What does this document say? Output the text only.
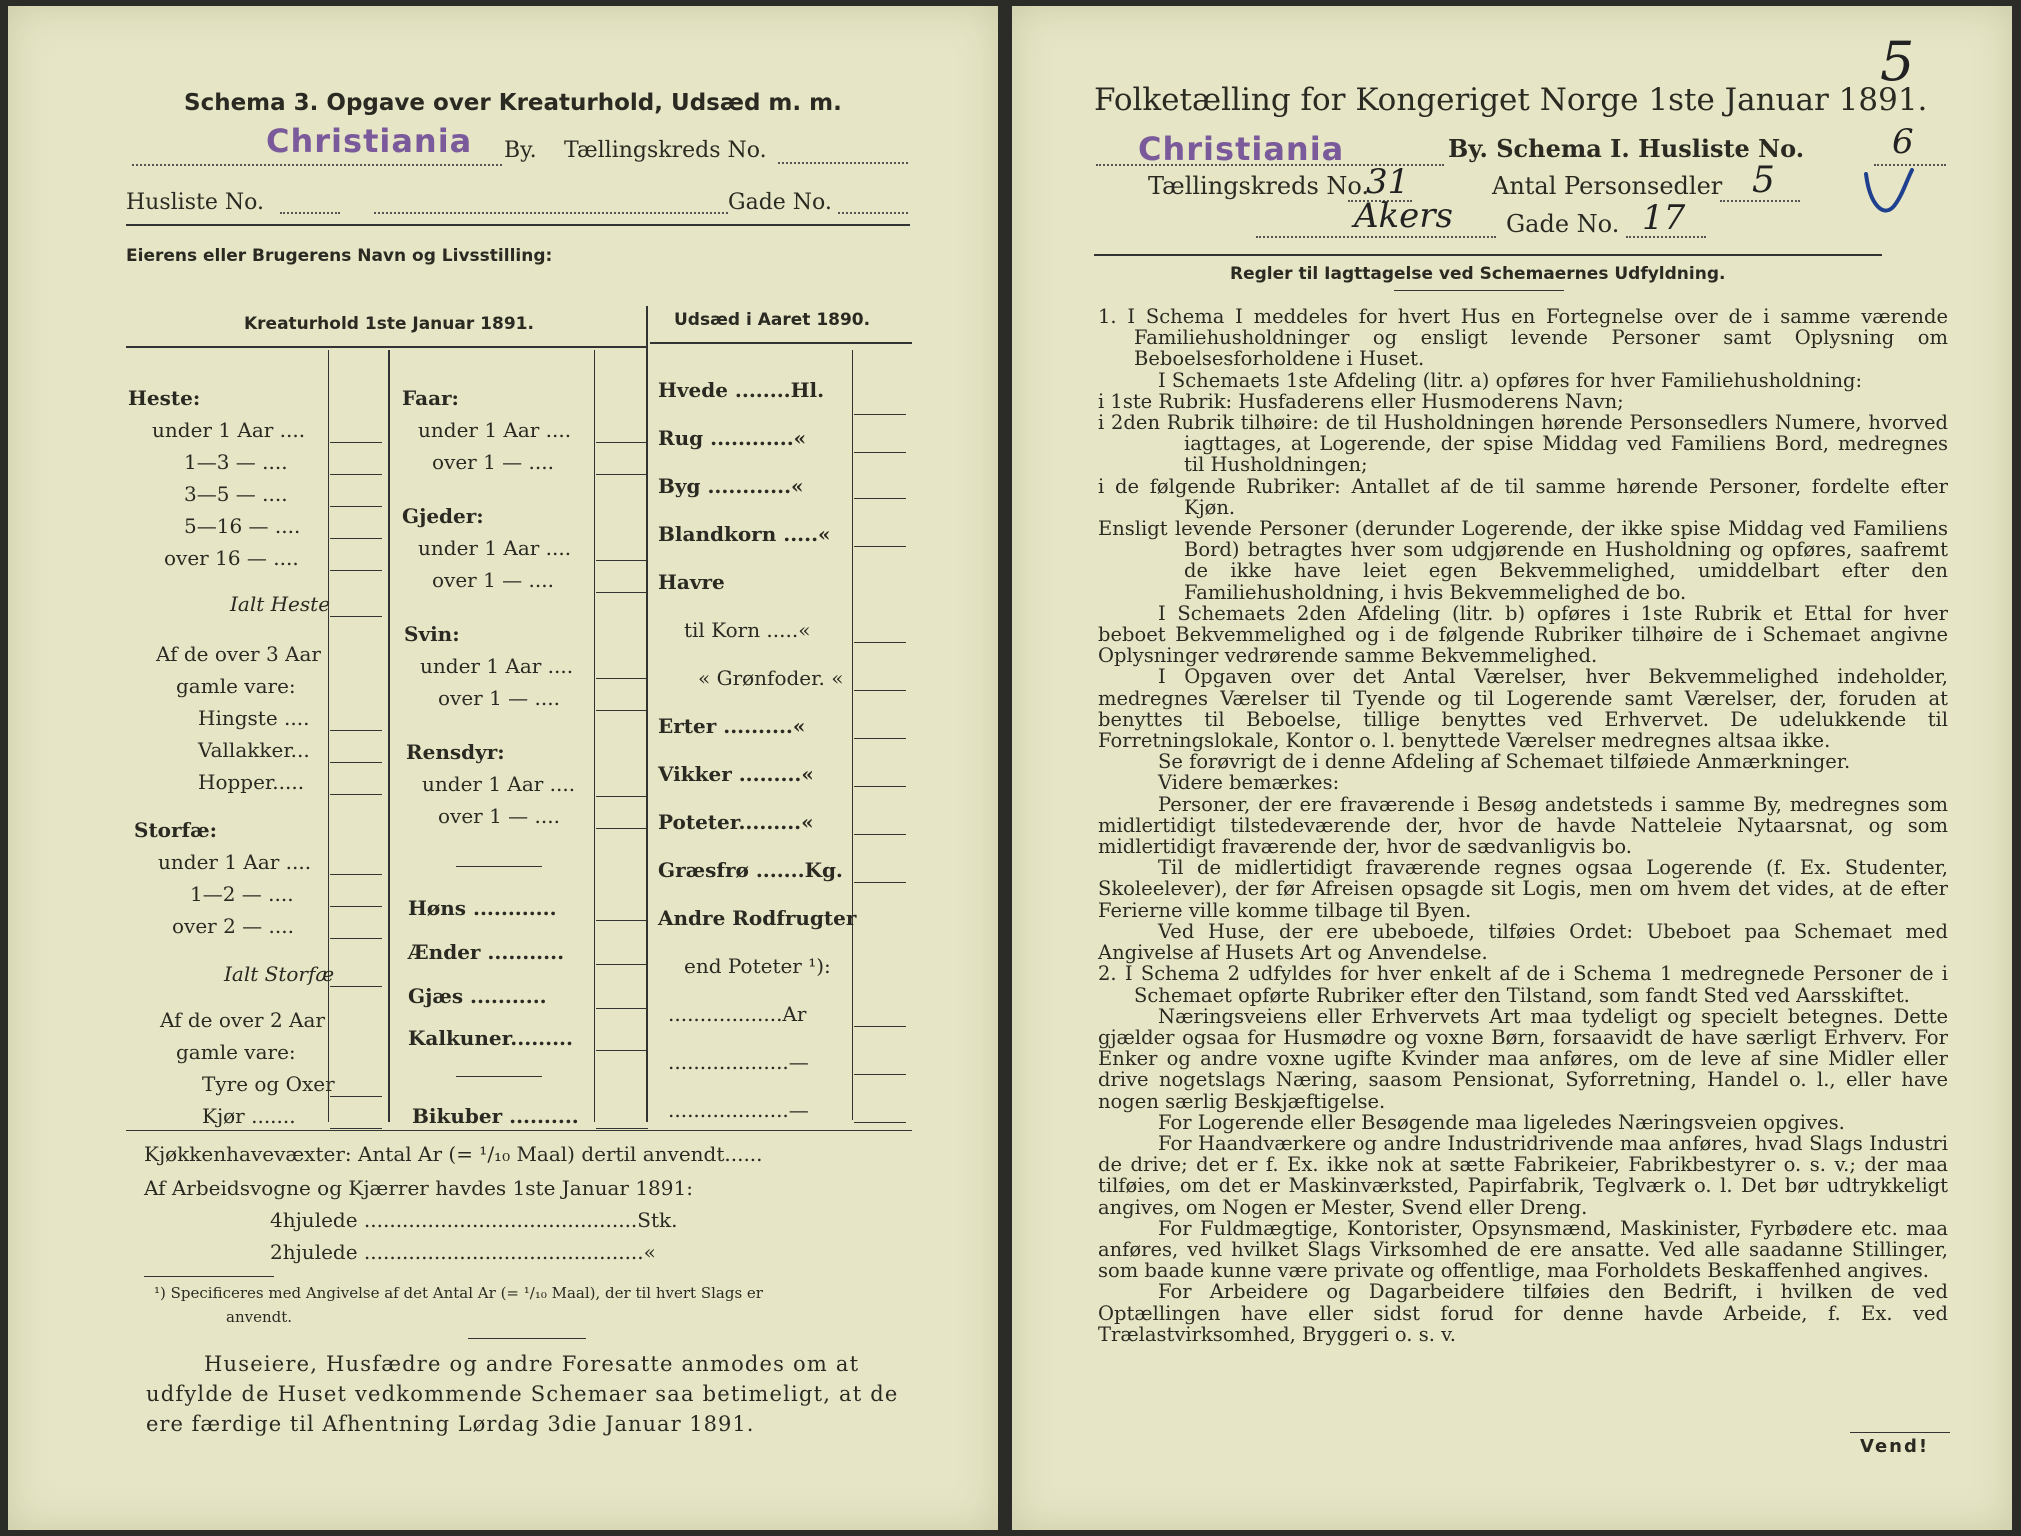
Schema 3. Opgave over Kreaturhold, Udsæd m. m.
Christiania By. Tællingskreds No.
Husliste No.	Gade No.
Eierens eller Brugerens Navn og Livsstilling:
Kreaturhold 1ste Januar 1891.	Udsæd i Aaret 1890.
Heste:
under 1 Aar ....
1—3 — ....
3—5 — ....
5—16 — ....
over 16 — ....
Ialt Heste
Af de over 3 Aar
gamle vare:
Hingste ....
Vallakker...
Hopper.....
Storfæ:
under 1 Aar ....
1—2 — ....
over 2 — ....
Ialt Storfæ
Af de over 2 Aar
gamle vare:
Tyre og Oxer
Kjør .......
Faar:
under 1 Aar ....
over 1 — ....
Gjeder:
under 1 Aar ....
over 1 — ....
Svin:
under 1 Aar ....
over 1 — ....
Rensdyr:
under 1 Aar ....
over 1 — ....
Høns ............
Ænder ...........
Gjæs ...........
Kalkuner.........
Bikuber ..........
Hvede ........Hl.
Rug ............«
Byg ............«
Blandkorn .....«
Havre
til Korn .....«
« Grønfoder. «
Erter ..........«
Vikker .........«
Poteter.........«
Græsfrø .......Kg.
Andre Rodfrugter
end Poteter ¹):
..................Ar
...................—
...................—
Kjøkkenhavevæxter: Antal Ar (= ¹/₁₀ Maal) dertil anvendt......
Af Arbeidsvogne og Kjærrer havdes 1ste Januar 1891:
4hjulede ...........................................Stk.
2hjulede ............................................«
¹) Specificeres med Angivelse af det Antal Ar (= ¹/₁₀ Maal), der til hvert Slags er
anvendt.
Huseiere, Husfædre og andre Foresatte anmodes om at
udfylde de Huset vedkommende Schemaer saa betimeligt, at de
ere færdige til Afhentning Lørdag 3die Januar 1891.
5
Folketælling for Kongeriget Norge 1ste Januar 1891.
Christiania	By. Schema I. Husliste No.	6
Tællingskreds No.
31	Antal Personsedler 5
Akers Gade No. 17
Regler til Iagttagelse ved Schemaernes Udfyldning.

1. I Schema I meddeles for hvert Hus en Fortegnelse over de i samme værende Familiehusholdninger og ensligt levende Personer samt Oplysning om Beboelsesforholdene i Huset.

I Schemaets 1ste Afdeling (litr. a) opføres for hver Familiehusholdning:

i 1ste Rubrik: Husfaderens eller Husmoderens Navn;

i 2den Rubrik tilhøire: de til Husholdningen hørende Personsedlers Numere, hvorved iagttages, at Logerende, der spise Middag ved Familiens Bord, medregnes til Husholdningen;

i de følgende Rubriker: Antallet af de til samme hørende Personer, fordelte efter Kjøn.

Ensligt levende Personer (derunder Logerende, der ikke spise Middag ved Familiens Bord) betragtes hver som udgjørende en Husholdning og opføres, saafremt de ikke have leiet egen Bekvemmelighed, umiddelbart efter den Familiehusholdning, i hvis Bekvemmelighed de bo.

I Schemaets 2den Afdeling (litr. b) opføres i 1ste Rubrik et Ettal for hver beboet Bekvemmelighed og i de følgende Rubriker tilhøire de i Schemaet angivne Oplysninger vedrørende samme Bekvemmelighed.

I Opgaven over det Antal Værelser, hver Bekvemmelighed indeholder, medregnes Værelser til Tyende og til Logerende samt Værelser, der, foruden at benyttes til Beboelse, tillige benyttes ved Erhvervet. De udelukkende til Forretningslokale, Kontor o. l. benyttede Værelser medregnes altsaa ikke.

Se forøvrigt de i denne Afdeling af Schemaet tilføiede Anmærkninger.

Videre bemærkes:

Personer, der ere fraværende i Besøg andetsteds i samme By, medregnes som midlertidigt tilstedeværende der, hvor de havde Natteleie Nytaarsnat, og som midlertidigt fraværende der, hvor de sædvanligvis bo.

Til de midlertidigt fraværende regnes ogsaa Logerende (f. Ex. Studenter, Skoleelever), der før Afreisen opsagde sit Logis, men om hvem det vides, at de efter Ferierne ville komme tilbage til Byen.

Ved Huse, der ere ubeboede, tilføies Ordet: Ubeboet paa Schemaet med Angivelse af Husets Art og Anvendelse.

2. I Schema 2 udfyldes for hver enkelt af de i Schema 1 medregnede Personer de i Schemaet opførte Rubriker efter den Tilstand, som fandt Sted ved Aarsskiftet.

Næringsveiens eller Erhvervets Art maa tydeligt og specielt betegnes. Dette gjælder ogsaa for Husmødre og voxne Børn, forsaavidt de have særligt Erhverv. For Enker og andre voxne ugifte Kvinder maa anføres, om de leve af sine Midler eller drive nogetslags Næring, saasom Pensionat, Syforretning, Handel o. l., eller have nogen særlig Beskjæftigelse.

For Logerende eller Besøgende maa ligeledes Næringsveien opgives.

For Haandværkere og andre Industridrivende maa anføres, hvad Slags Industri de drive; det er f. Ex. ikke nok at sætte Fabrikeier, Fabrikbestyrer o. s. v.; der maa tilføies, om det er Maskinværksted, Papirfabrik, Teglværk o. l. Det bør udtrykkeligt angives, om Nogen er Mester, Svend eller Dreng.

For Fuldmægtige, Kontorister, Opsynsmænd, Maskinister, Fyrbødere etc. maa anføres, ved hvilket Slags Virksomhed de ere ansatte. Ved alle saadanne Stillinger, som baade kunne være private og offentlige, maa Forholdets Beskaffenhed angives.

For Arbeidere og Dagarbeidere tilføies den Bedrift, i hvilken de ved Optællingen have eller sidst forud for denne havde Arbeide, f. Ex. ved Trælastvirksomhed, Bryggeri o. s. v.

Vend!
